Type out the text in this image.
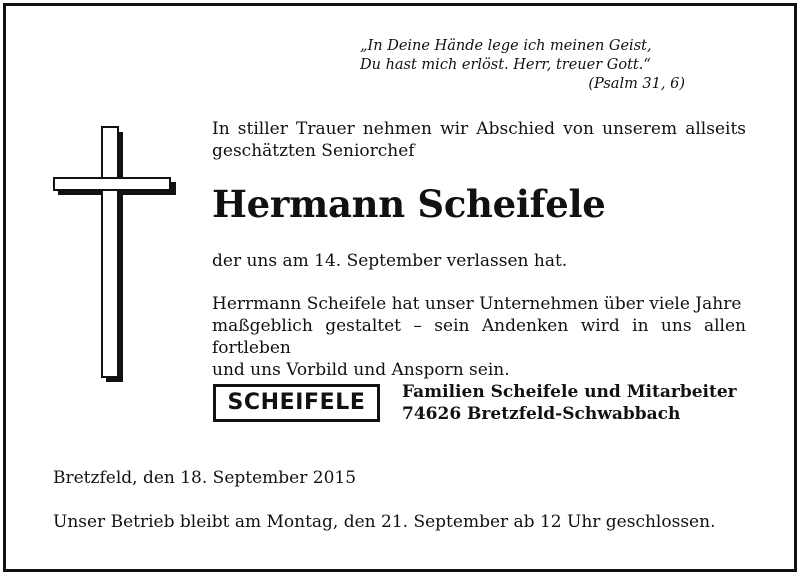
„In Deine Hände lege ich meinen Geist,
Du hast mich erlöst. Herr, treuer Gott.“
(Psalm 31, 6)
In stiller Trauer nehmen wir Abschied von unserem allseits geschätzten Seniorchef
Hermann Scheifele
der uns am 14. September verlassen hat.
Herrmann Scheifele hat unser Unternehmen über viele Jahre
maßgeblich gestaltet – sein Andenken wird in uns allen fortleben
und uns Vorbild und Ansporn sein.
SCHEIFELE Familien Scheifele und Mitarbeiter
74626 Bretzfeld-Schwabbach
Bretzfeld, den 18. September 2015
Unser Betrieb bleibt am Montag, den 21. September ab 12 Uhr geschlossen.
